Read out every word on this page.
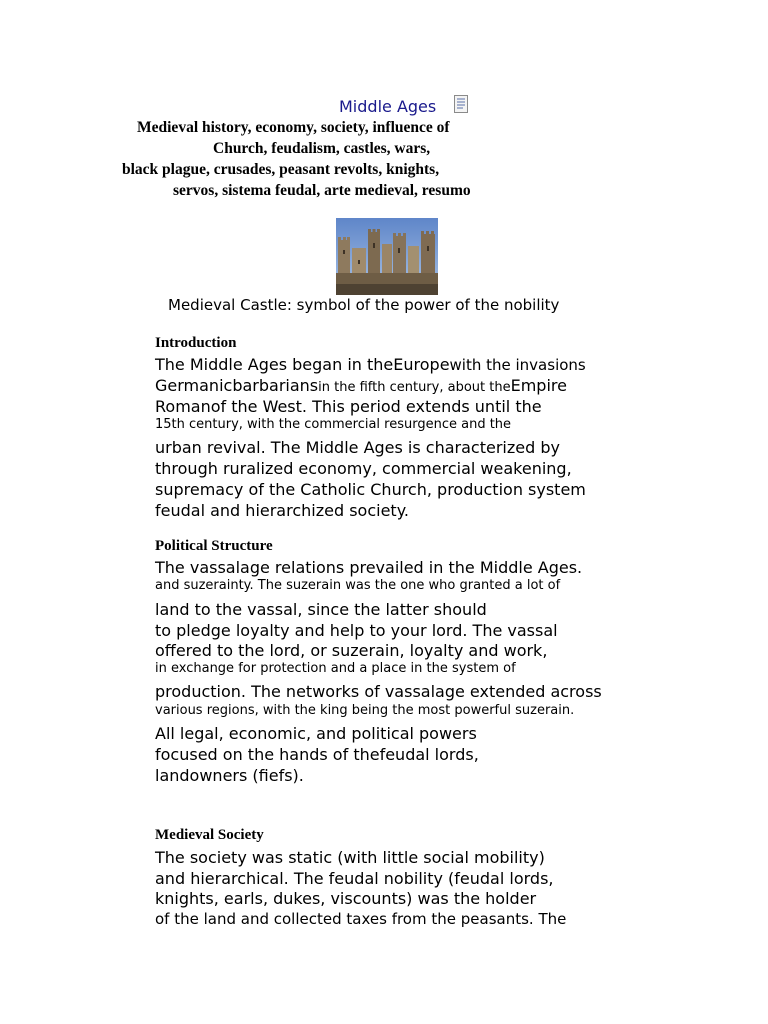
Middle Ages
Medieval history, economy, society, influence of
Church, feudalism, castles, wars,
black plague, crusades, peasant revolts, knights,
servos, sistema feudal, arte medieval, resumo
Medieval Castle: symbol of the power of the nobility
Introduction
The Middle Ages began in theEuropewith the invasions
Germanicbarbariansin the fifth century, about theEmpire
Romanof the West. This period extends until the
15th century, with the commercial resurgence and the
urban revival. The Middle Ages is characterized by
through ruralized economy, commercial weakening,
supremacy of the Catholic Church, production system
feudal and hierarchized society.
Political Structure
The vassalage relations prevailed in the Middle Ages.
and suzerainty. The suzerain was the one who granted a lot of
land to the vassal, since the latter should
to pledge loyalty and help to your lord. The vassal
offered to the lord, or suzerain, loyalty and work,
in exchange for protection and a place in the system of
production. The networks of vassalage extended across
various regions, with the king being the most powerful suzerain.
All legal, economic, and political powers
focused on the hands of thefeudal lords,
landowners (fiefs).
Medieval Society
The society was static (with little social mobility)
and hierarchical. The feudal nobility (feudal lords,
knights, earls, dukes, viscounts) was the holder
of the land and collected taxes from the peasants. The
